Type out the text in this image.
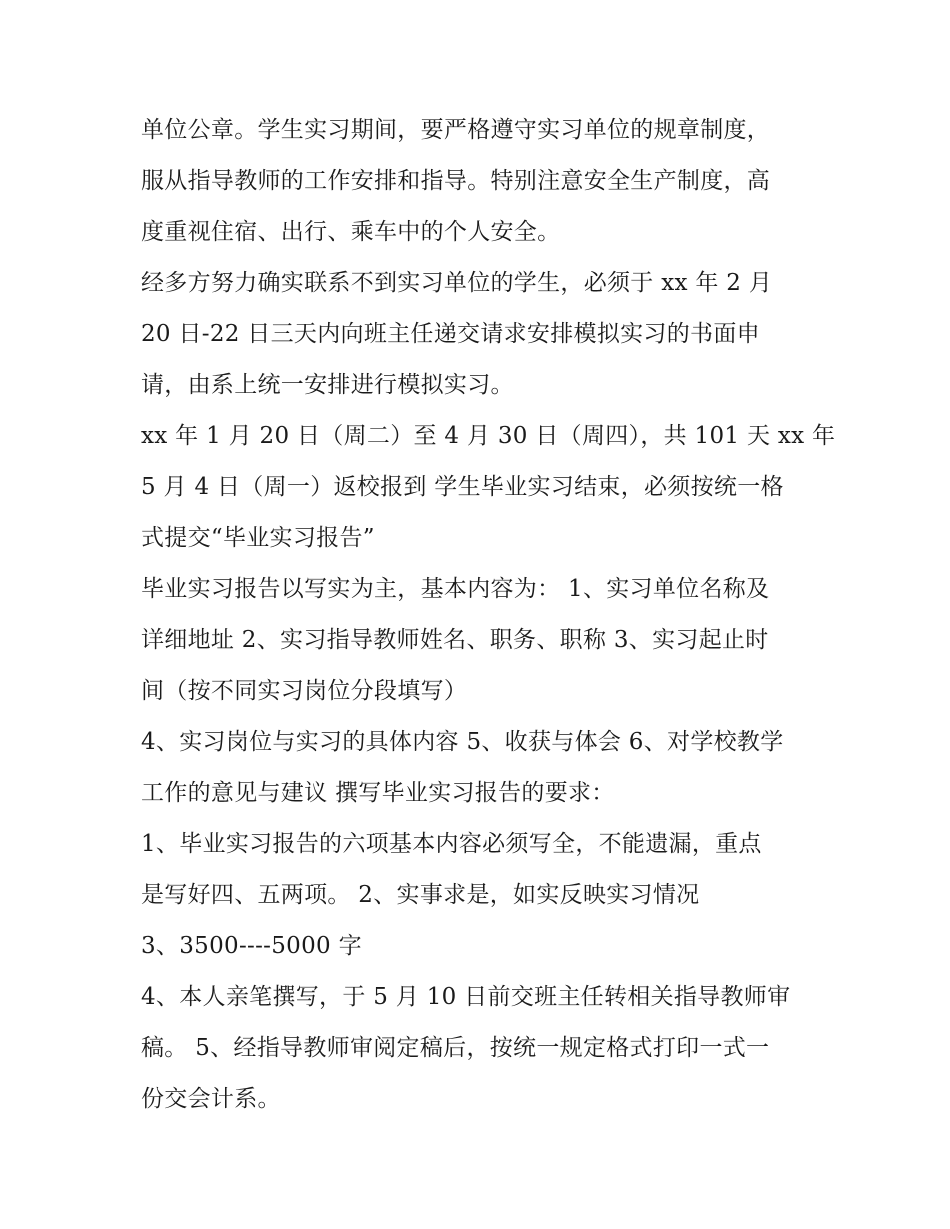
单位公章。学生实习期间，要严格遵守实习单位的规章制度，
服从指导教师的工作安排和指导。特别注意安全生产制度，高
度重视住宿、出行、乘车中的个人安全。
经多方努力确实联系不到实习单位的学生，必须于 xx 年 2 月
20 日-22 日三天内向班主任递交请求安排模拟实习的书面申
请，由系上统一安排进行模拟实习。
xx 年 1 月 20 日（周二）至 4 月 30 日（周四），共 101 天 xx 年
5 月 4 日（周一）返校报到 学生毕业实习结束，必须按统一格
式提交“毕业实习报告”
毕业实习报告以写实为主，基本内容为： 1、实习单位名称及
详细地址 2、实习指导教师姓名、职务、职称 3、实习起止时
间（按不同实习岗位分段填写）
4、实习岗位与实习的具体内容 5、收获与体会 6、对学校教学
工作的意见与建议 撰写毕业实习报告的要求：
1、毕业实习报告的六项基本内容必须写全，不能遗漏，重点
是写好四、五两项。 2、实事求是，如实反映实习情况
3、3500----5000 字
4、本人亲笔撰写，于 5 月 10 日前交班主任转相关指导教师审
稿。 5、经指导教师审阅定稿后，按统一规定格式打印一式一
份交会计系。
